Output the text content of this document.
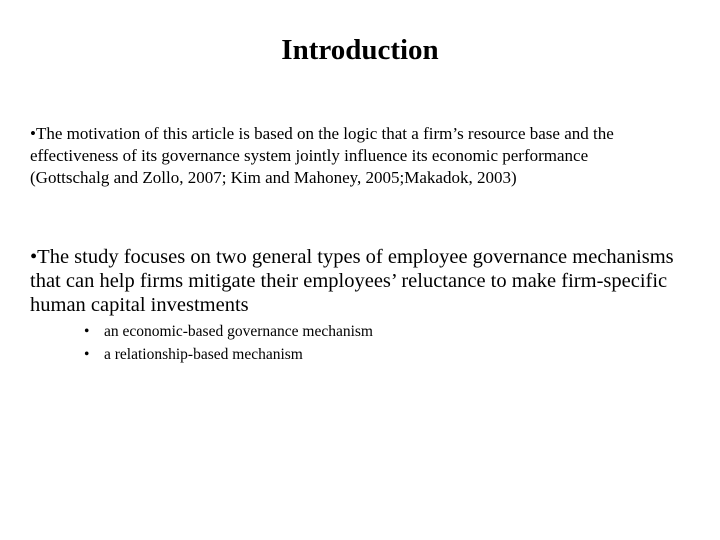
Introduction

•The motivation of this article is based on the logic that a firm’s resource base and the effectiveness of its governance system jointly influence its economic performance (Gottschalg and Zollo, 2007; Kim and Mahoney, 2005;Makadok, 2003)

•The study focuses on two general types of employee governance mechanisms that can help firms mitigate their employees’ reluctance to make firm-specific human capital investments

• an economic-based governance mechanism
• a relationship-based mechanism
